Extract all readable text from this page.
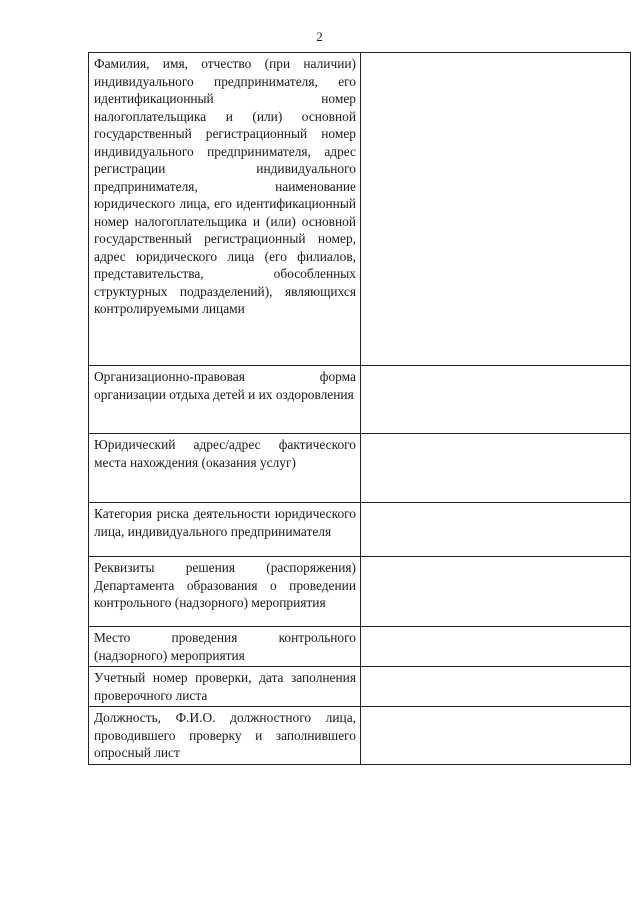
2
Фамилия, имя, отчество (при наличии) индивидуального предпринимателя, его идентификационный номер налогоплательщика и (или) основной государственный регистрационный номер индивидуального предпринимателя, адрес регистрации индивидуального предпринимателя, наименование юридического лица, его идентификационный номер налогоплательщика и (или) основной государственный регистрационный номер, адрес юридического лица (его филиалов, представительства, обособленных структурных подразделений), являющихся контролируемыми лицами	

Организационно-правовая форма организации отдыха детей и их оздоровления	

Юридический адрес/адрес фактического места нахождения (оказания услуг)	

Категория риска деятельности юридического лица, индивидуального предпринимателя	

Реквизиты решения (распоряжения) Департамента образования о проведении контрольного (надзорного) мероприятия	

Место проведения контрольного (надзорного) мероприятия	

Учетный номер проверки, дата заполнения проверочного листа	

Должность, Ф.И.О. должностного лица, проводившего проверку и заполнившего опросный лист	
